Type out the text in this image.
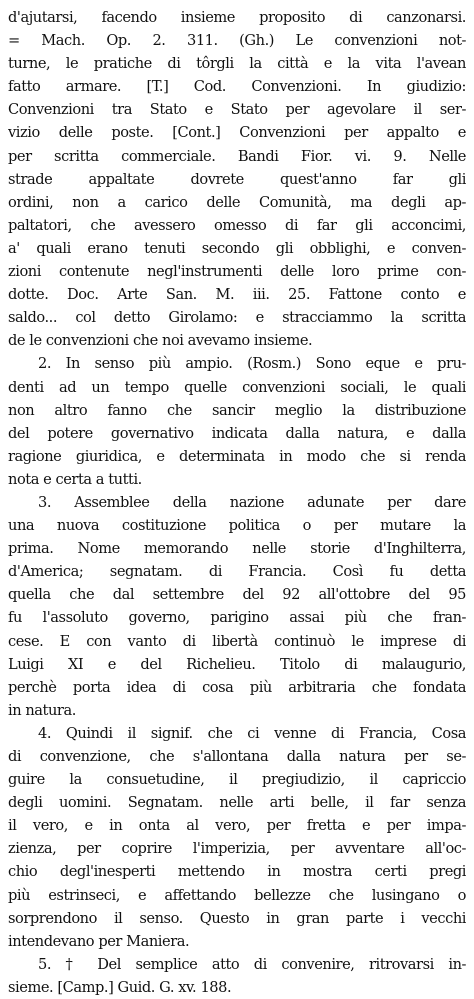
d'ajutarsi, facendo insieme proposito di canzonarsi.
= Mach. Op. 2. 311. (Gh.) Le convenzioni not-
turne, le pratiche di tôrgli la città e la vita l'avean
fatto armare. [T.] Cod. Convenzioni. In giudizio:
Convenzioni tra Stato e Stato per agevolare il ser-
vizio delle poste. [Cont.] Convenzioni per appalto e
per scritta commerciale. Bandi Fior. vi. 9. Nelle
strade appaltate dovrete quest'anno far gli
ordini, non a carico delle Comunità, ma degli ap-
paltatori, che avessero omesso di far gli acconcimi,
a' quali erano tenuti secondo gli obblighi, e conven-
zioni contenute negl'instrumenti delle loro prime con-
dotte. Doc. Arte San. M. iii. 25. Fattone conto e
saldo... col detto Girolamo: e stracciammo la scritta
de le convenzioni che noi avevamo insieme.
2. In senso più ampio. (Rosm.) Sono eque e pru-
denti ad un tempo quelle convenzioni sociali, le quali
non altro fanno che sancir meglio la distribuzione
del potere governativo indicata dalla natura, e dalla
ragione giuridica, e determinata in modo che si renda
nota e certa a tutti.
3. Assemblee della nazione adunate per dare
una nuova costituzione politica o per mutare la
prima. Nome memorando nelle storie d'Inghilterra,
d'America; segnatam. di Francia. Così fu detta
quella che dal settembre del 92 all'ottobre del 95
fu l'assoluto governo, parigino assai più che fran-
cese. E con vanto di libertà continuò le imprese di
Luigi XI e del Richelieu. Titolo di malaugurio,
perchè porta idea di cosa più arbitraria che fondata
in natura.
4. Quindi il signif. che ci venne di Francia, Cosa
di convenzione, che s'allontana dalla natura per se-
guire la consuetudine, il pregiudizio, il capriccio
degli uomini. Segnatam. nelle arti belle, il far senza
il vero, e in onta al vero, per fretta e per impa-
zienza, per coprire l'imperizia, per avventare all'oc-
chio degl'inesperti mettendo in mostra certi pregi
più estrinseci, e affettando bellezze che lusingano o
sorprendono il senso. Questo in gran parte i vecchi
intendevano per Maniera.
5. † Del semplice atto di convenire, ritrovarsi in-
sieme. [Camp.] Guid. G. xv. 188.
